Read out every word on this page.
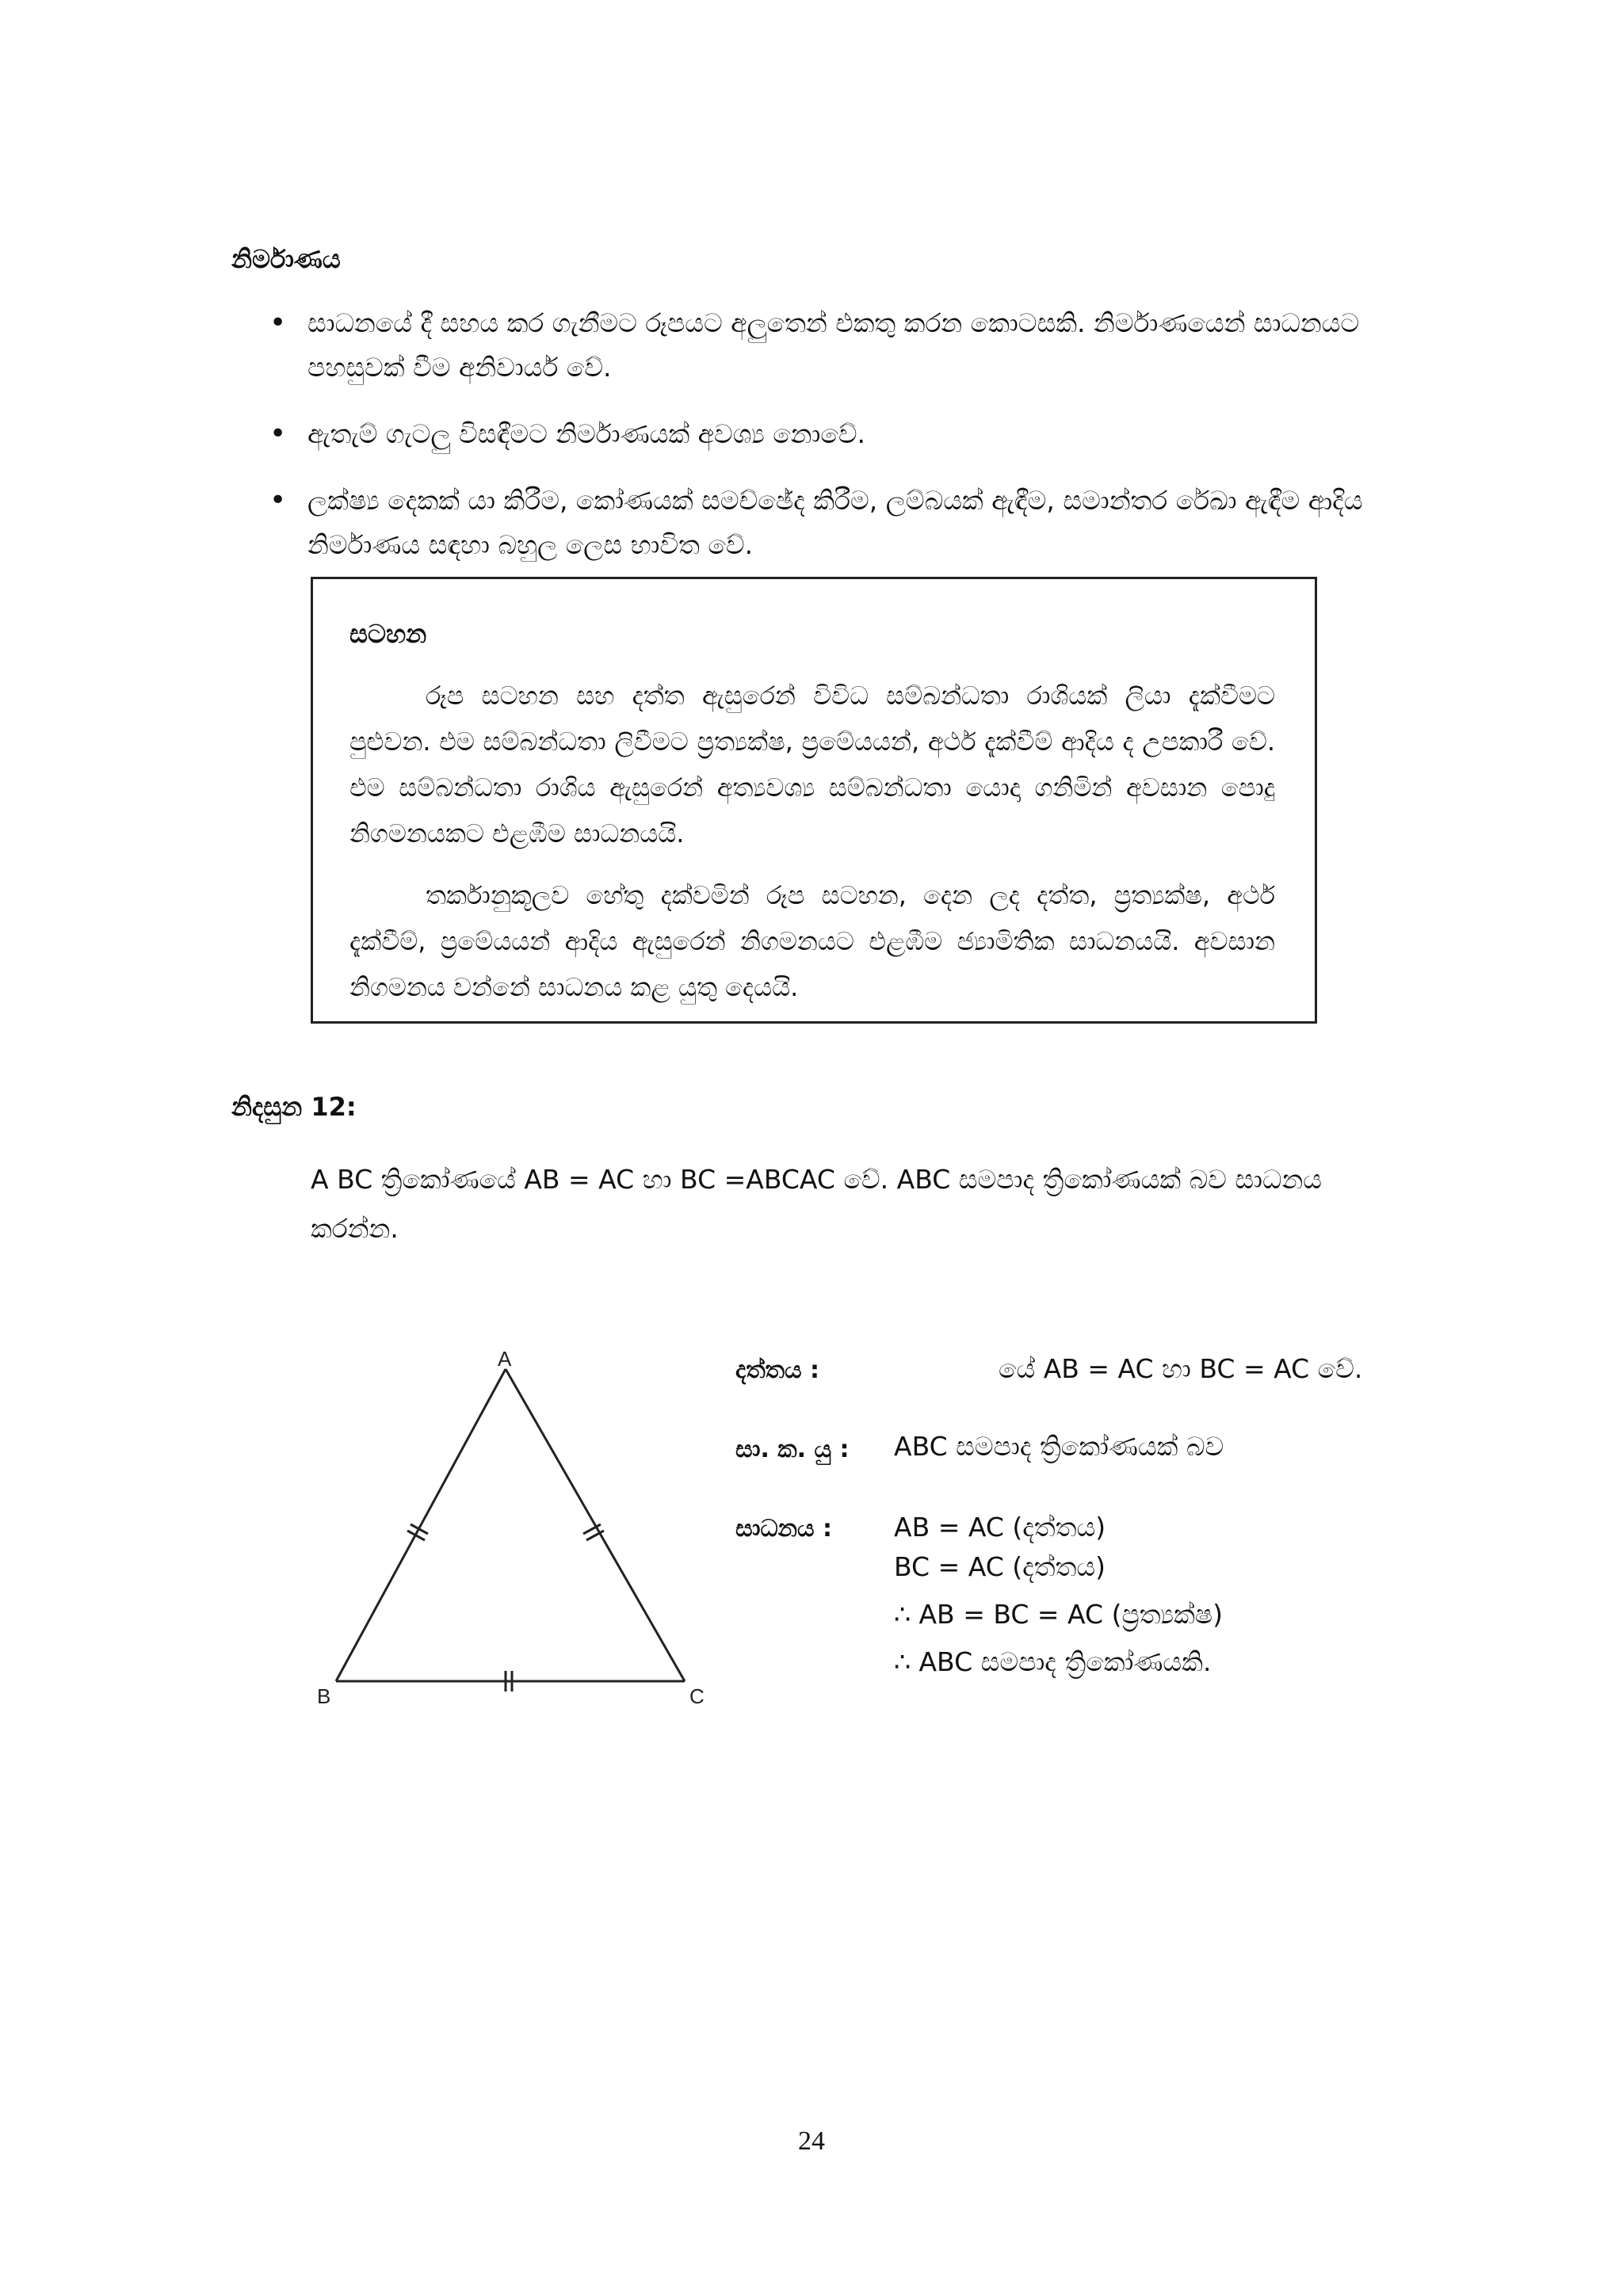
නිර්මාණය
• සාධනයේ දී සහය කර ගැනීමට රූපයට අලුතෙන් එකතු කරන කොටසකි. නිර්මාණයෙන් සාධනයට පහසුවක් වීම අනිවාර්ය වේ.
• ඇතැම් ගැටලු විසඳීමට නිර්මාණයක් අවශ්‍ය නොවේ.
• ලක්ෂ්‍ය දෙකක් යා කිරීම, කෝණයක් සමච්ඡේද කිරීම, ලම්බයක් ඇඳීම, සමාන්තර රේඛා ඇඳීම ආදිය නිර්මාණය සඳහා බහුල ලෙස භාවිත වේ.
සටහන

රූප සටහන සහ දත්ත ඇසුරෙන් විවිධ සම්බන්ධතා රාශියක් ලියා දැක්වීමට පුළුවන. එම සම්බන්ධතා ලිවීමට ප්‍රත්‍යක්ෂ, ප්‍රමේයයන්, අර්ථ දැක්වීම් ආදිය ද උපකාරී වේ. එම සම්බන්ධතා රාශිය ඇසුරෙන් අත්‍යවශ්‍ය සම්බන්ධතා යොදා ගනිමින් අවසාන පොදු නිගමනයකට එළඹීම සාධනයයි.

තර්කානුකූලව හේතු දක්වමින් රූප සටහන, දෙන ලද දත්ත, ප්‍රත්‍යක්ෂ, අර්ථ දැක්වීම්, ප්‍රමේයයන් ආදිය ඇසුරෙන් නිගමනයට එළඹීම ජ්‍යාමිතික සාධනයයි. අවසාන නිගමනය වන්නේ සාධනය කළ යුතු දෙයයි.

නිදසුන 12:

A BC ත්‍රිකෝණයේ AB = AC හා BC =ABCAC වේ. ABC සමපාද ත්‍රිකෝණයක් බව සාධනය කරන්න.

A
B	C
දත්තය :	යේ AB = AC හා BC = AC වේ.
සා. ක. යු : ABC සමපාද ත්‍රිකෝණයක් බව
සාධනය : AB = AC (දත්තය)
BC = AC (දත්තය)
∴ AB = BC = AC (ප්‍රත්‍යක්ෂ)
∴ ABC සමපාද ත්‍රිකෝණයකි.
24
